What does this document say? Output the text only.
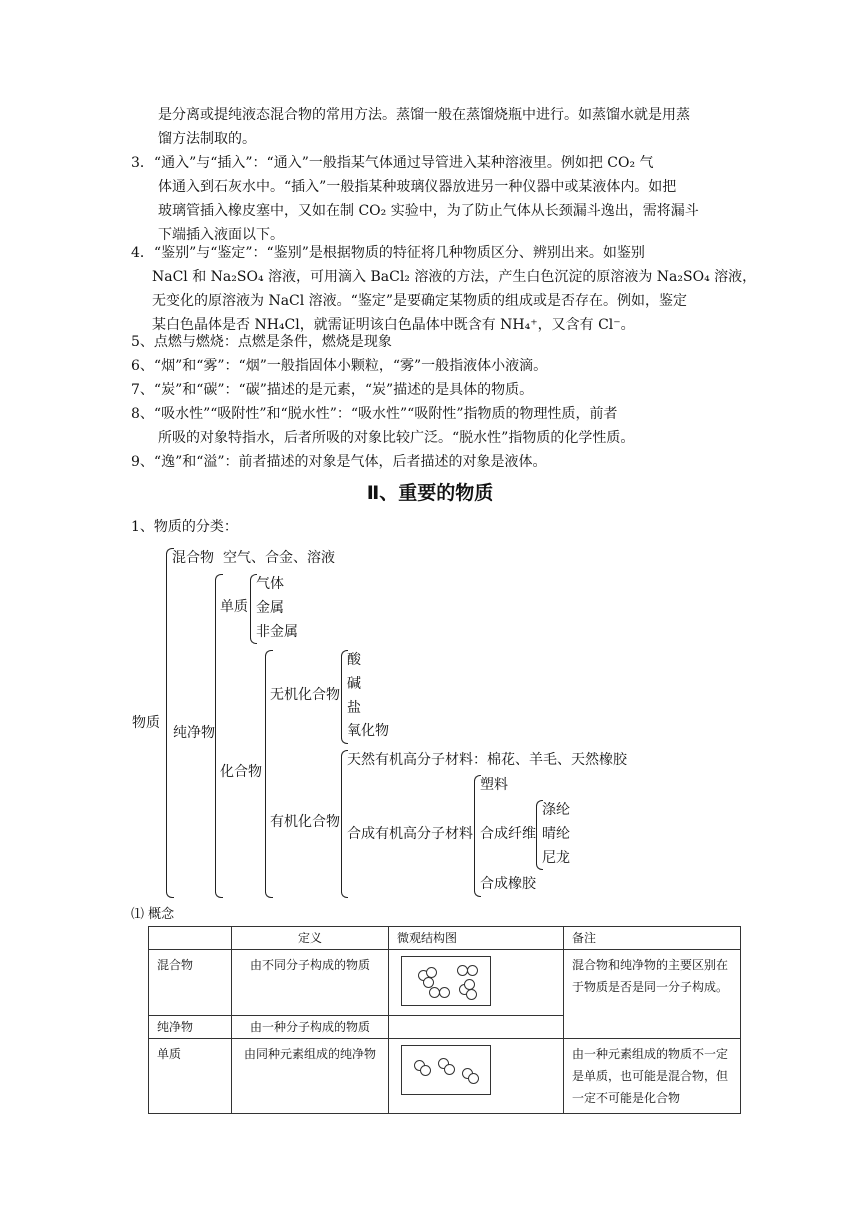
是分离或提纯液态混合物的常用方法。蒸馏一般在蒸馏烧瓶中进行。如蒸馏水就是用蒸
馏方法制取的。
3．“通入”与“插入”：“通入”一般指某气体通过导管进入某种溶液里。例如把 CO₂ 气
体通入到石灰水中。“插入”一般指某种玻璃仪器放进另一种仪器中或某液体内。如把
玻璃管插入橡皮塞中，又如在制 CO₂ 实验中，为了防止气体从长颈漏斗逸出，需将漏斗
下端插入液面以下。
4．“鉴别”与“鉴定”：“鉴别”是根据物质的特征将几种物质区分、辨别出来。如鉴别
NaCl 和 Na₂SO₄ 溶液，可用滴入 BaCl₂ 溶液的方法，产生白色沉淀的原溶液为 Na₂SO₄ 溶液，
无变化的原溶液为 NaCl 溶液。“鉴定”是要确定某物质的组成或是否存在。例如，鉴定
某白色晶体是否 NH₄Cl，就需证明该白色晶体中既含有 NH₄⁺，又含有 Cl⁻。
5、点燃与燃烧：点燃是条件，燃烧是现象
6、“烟”和“雾”：“烟”一般指固体小颗粒，“雾”一般指液体小液滴。
7、“炭”和“碳”：“碳”描述的是元素，“炭”描述的是具体的物质。
8、“吸水性”“吸附性”和“脱水性”：“吸水性”“吸附性”指物质的物理性质，前者
所吸的对象特指水，后者所吸的对象比较广泛。“脱水性”指物质的化学性质。
9、“逸”和“溢”：前者描述的对象是气体，后者描述的对象是液体。
Ⅱ、重要的物质
1、物质的分类：
物质
混合物 空气、合金、溶液
纯净物
单质
气体
金属
非金属
化合物
无机化合物
酸
碱
盐
氧化物
有机化合物
天然有机高分子材料：棉花、羊毛、天然橡胶
合成有机高分子材料
塑料
合成纤维
涤纶
晴纶
尼龙
合成橡胶
⑴ 概念
	定义	微观结构图	备注
混合物	由不同分子构成的物质		混合物和纯净物的主要区别在于物质是否是同一分子构成。
纯净物	由一种分子构成的物质		
单质	由同种元素组成的纯净物		由一种元素组成的物质不一定是单质，也可能是混合物，但一定不可能是化合物
